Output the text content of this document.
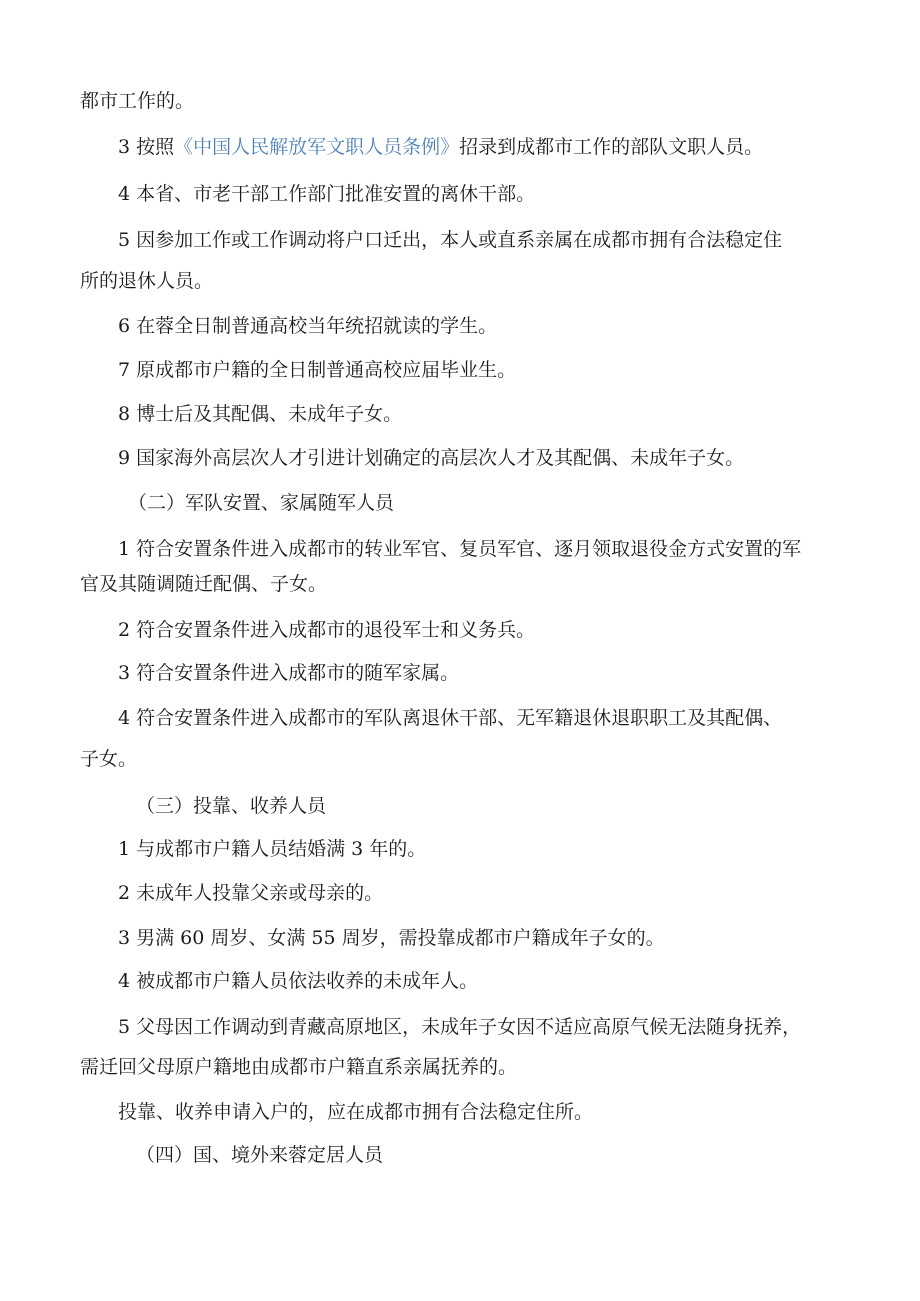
都市工作的。
3 按照《中国人民解放军文职人员条例》招录到成都市工作的部队文职人员。
4 本省、市老干部工作部门批准安置的离休干部。
5 因参加工作或工作调动将户口迁出，本人或直系亲属在成都市拥有合法稳定住
所的退休人员。
6 在蓉全日制普通高校当年统招就读的学生。
7 原成都市户籍的全日制普通高校应届毕业生。
8 博士后及其配偶、未成年子女。
9 国家海外高层次人才引进计划确定的高层次人才及其配偶、未成年子女。
（二）军队安置、家属随军人员
1 符合安置条件进入成都市的转业军官、复员军官、逐月领取退役金方式安置的军
官及其随调随迁配偶、子女。
2 符合安置条件进入成都市的退役军士和义务兵。
3 符合安置条件进入成都市的随军家属。
4 符合安置条件进入成都市的军队离退休干部、无军籍退休退职职工及其配偶、
子女。
（三）投靠、收养人员
1 与成都市户籍人员结婚满 3 年的。
2 未成年人投靠父亲或母亲的。
3 男满 60 周岁、女满 55 周岁，需投靠成都市户籍成年子女的。
4 被成都市户籍人员依法收养的未成年人。
5 父母因工作调动到青藏高原地区，未成年子女因不适应高原气候无法随身抚养，
需迁回父母原户籍地由成都市户籍直系亲属抚养的。
投靠、收养申请入户的，应在成都市拥有合法稳定住所。
（四）国、境外来蓉定居人员
